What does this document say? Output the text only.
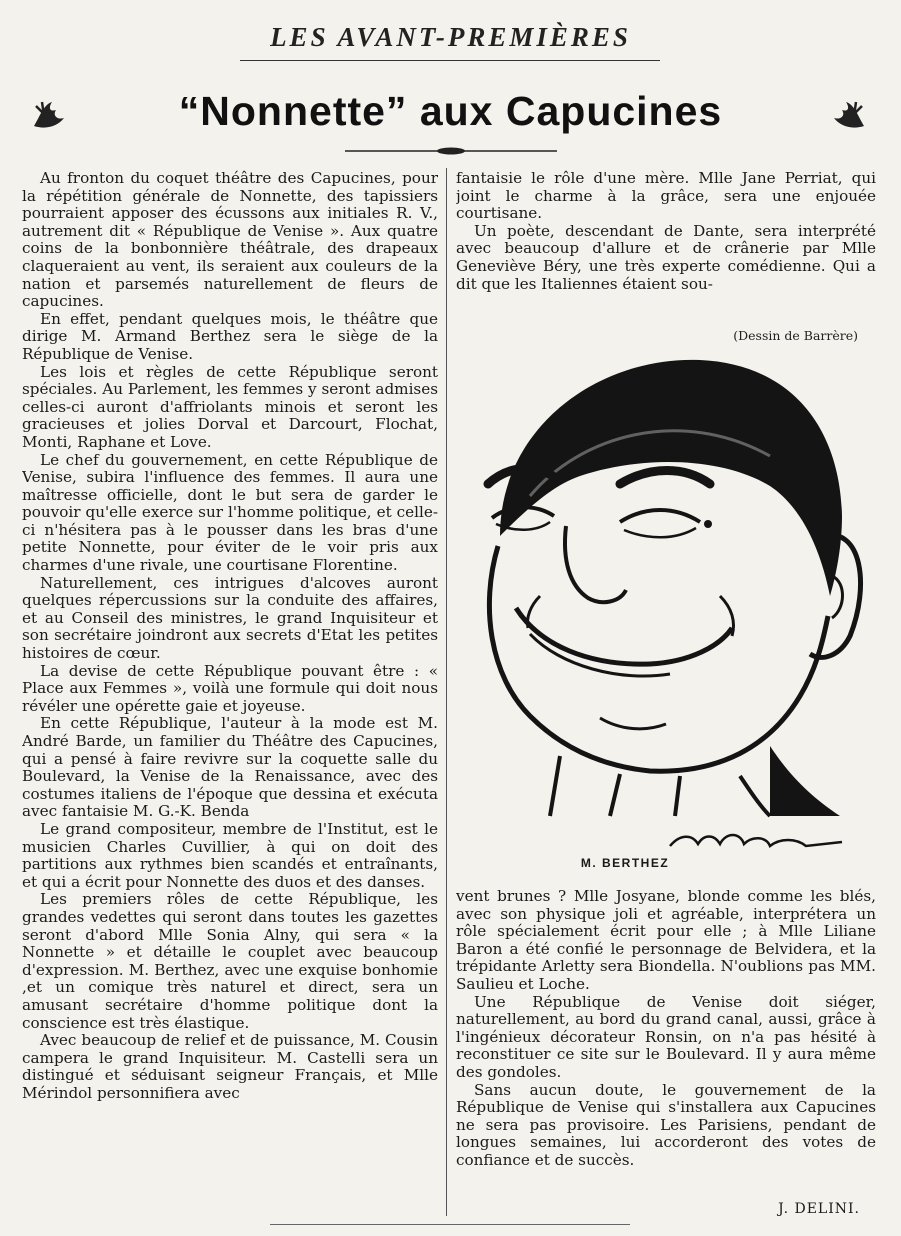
LES AVANT-PREMIÈRES
“Nonnette” aux Capucines

Au fronton du coquet théâtre des Capucines, pour la répétition générale de Nonnette, des tapissiers pourraient apposer des écussons aux initiales R. V., autrement dit « République de Venise ». Aux quatre coins de la bonbonnière théâtrale, des drapeaux claqueraient au vent, ils seraient aux couleurs de la nation et parsemés naturellement de fleurs de capucines.

En effet, pendant quelques mois, le théâtre que dirige M. Armand Berthez sera le siège de la République de Venise.

Les lois et règles de cette République seront spéciales. Au Parlement, les femmes y seront admises celles-ci auront d'affriolants minois et seront les gracieuses et jolies Dorval et Darcourt, Flochat, Monti, Raphane et Love.

Le chef du gouvernement, en cette République de Venise, subira l'influence des femmes. Il aura une maîtresse officielle, dont le but sera de garder le pouvoir qu'elle exerce sur l'homme politique, et celle-ci n'hésitera pas à le pousser dans les bras d'une petite Nonnette, pour éviter de le voir pris aux charmes d'une rivale, une courtisane Florentine.

Naturellement, ces intrigues d'alcoves auront quelques répercussions sur la conduite des affaires, et au Conseil des ministres, le grand Inquisiteur et son secrétaire joindront aux secrets d'Etat les petites histoires de cœur.

La devise de cette République pouvant être : « Place aux Femmes », voilà une formule qui doit nous révéler une opérette gaie et joyeuse.

En cette République, l'auteur à la mode est M. André Barde, un familier du Théâtre des Capucines, qui a pensé à faire revivre sur la coquette salle du Boulevard, la Venise de la Renaissance, avec des costumes italiens de l'époque que dessina et exécuta avec fantaisie M. G.-K. Benda

Le grand compositeur, membre de l'Institut, est le musicien Charles Cuvillier, à qui on doit des partitions aux rythmes bien scandés et entraînants, et qui a écrit pour Nonnette des duos et des danses.

Les premiers rôles de cette République, les grandes vedettes qui seront dans toutes les gazettes seront d'abord Mlle Sonia Alny, qui sera « la Nonnette » et détaille le couplet avec beaucoup d'expression. M. Berthez, avec une exquise bonhomie ,et un comique très naturel et direct, sera un amusant secrétaire d'homme politique dont la conscience est très élastique.

Avec beaucoup de relief et de puissance, M. Cousin campera le grand Inquisiteur. M. Castelli sera un distingué et séduisant seigneur Français, et Mlle Mérindol personnifiera avec

fantaisie le rôle d'une mère. Mlle Jane Perriat, qui joint le charme à la grâce, sera une enjouée courtisane.

Un poète, descendant de Dante, sera interprété avec beaucoup d'allure et de crânerie par Mlle Geneviève Béry, une très experte comédienne. Qui a dit que les Italiennes étaient sou-

(Dessin de Barrère)
M. BERTHEZ

vent brunes ? Mlle Josyane, blonde comme les blés, avec son physique joli et agréable, interprétera un rôle spécialement écrit pour elle ; à Mlle Liliane Baron a été confié le personnage de Belvidera, et la trépidante Arletty sera Biondella. N'oublions pas MM. Saulieu et Loche.

Une République de Venise doit siéger, naturellement, au bord du grand canal, aussi, grâce à l'ingénieux décorateur Ronsin, on n'a pas hésité à reconstituer ce site sur le Boulevard. Il y aura même des gondoles.

Sans aucun doute, le gouvernement de la République de Venise qui s'installera aux Capucines ne sera pas provisoire. Les Parisiens, pendant de longues semaines, lui accorderont des votes de confiance et de succès.

J. DELINI.
